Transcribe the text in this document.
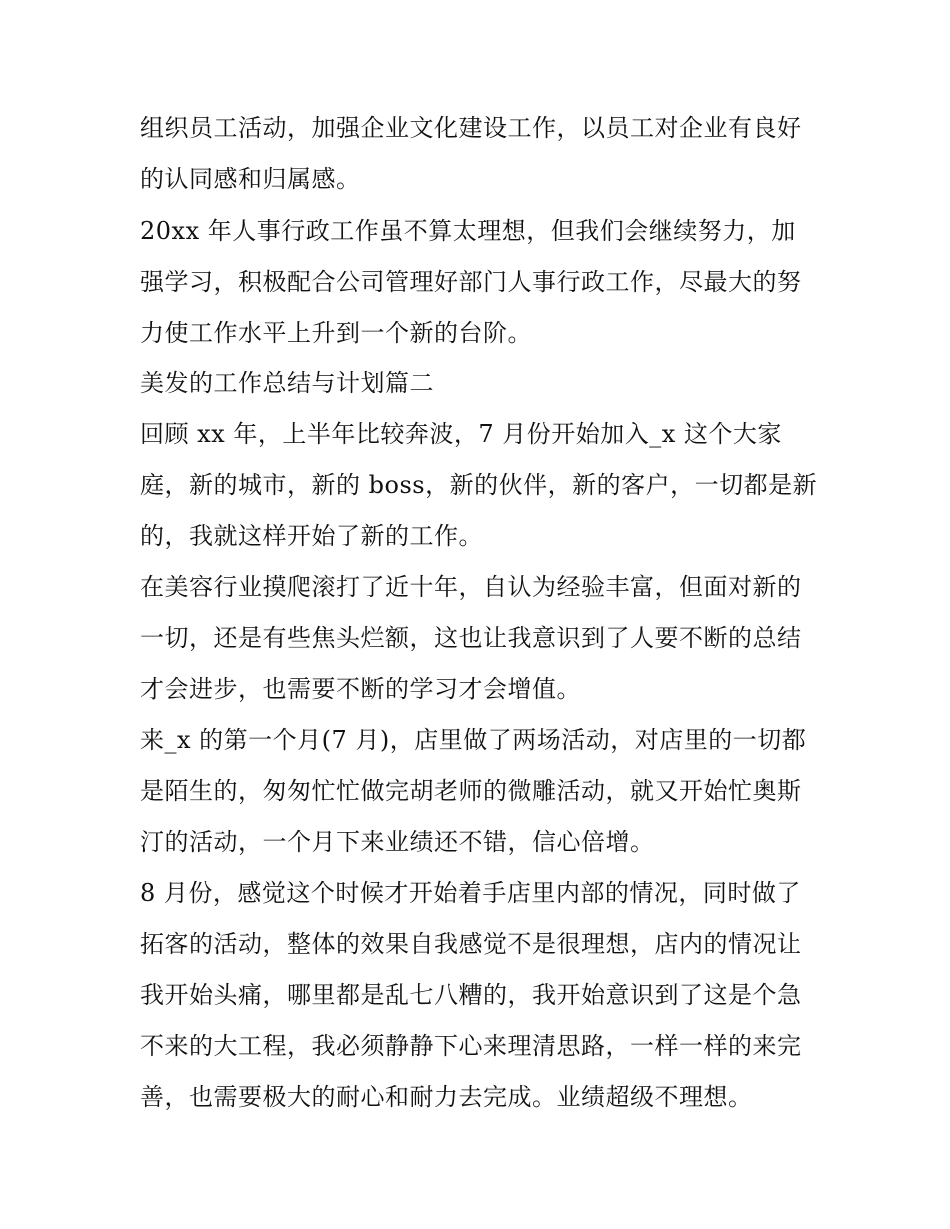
组织员工活动，加强企业文化建设工作，以员工对企业有良好
的认同感和归属感。
20xx 年人事行政工作虽不算太理想，但我们会继续努力，加
强学习，积极配合公司管理好部门人事行政工作，尽最大的努
力使工作水平上升到一个新的台阶。
美发的工作总结与计划篇二
回顾 xx 年，上半年比较奔波，7 月份开始加入_x 这个大家
庭，新的城市，新的 boss，新的伙伴，新的客户，一切都是新
的，我就这样开始了新的工作。
在美容行业摸爬滚打了近十年，自认为经验丰富，但面对新的
一切，还是有些焦头烂额，这也让我意识到了人要不断的总结
才会进步，也需要不断的学习才会增值。
来_x 的第一个月(7 月)，店里做了两场活动，对店里的一切都
是陌生的，匆匆忙忙做完胡老师的微雕活动，就又开始忙奥斯
汀的活动，一个月下来业绩还不错，信心倍增。
8 月份，感觉这个时候才开始着手店里内部的情况，同时做了
拓客的活动，整体的效果自我感觉不是很理想，店内的情况让
我开始头痛，哪里都是乱七八糟的，我开始意识到了这是个急
不来的大工程，我必须静静下心来理清思路，一样一样的来完
善，也需要极大的耐心和耐力去完成。业绩超级不理想。
